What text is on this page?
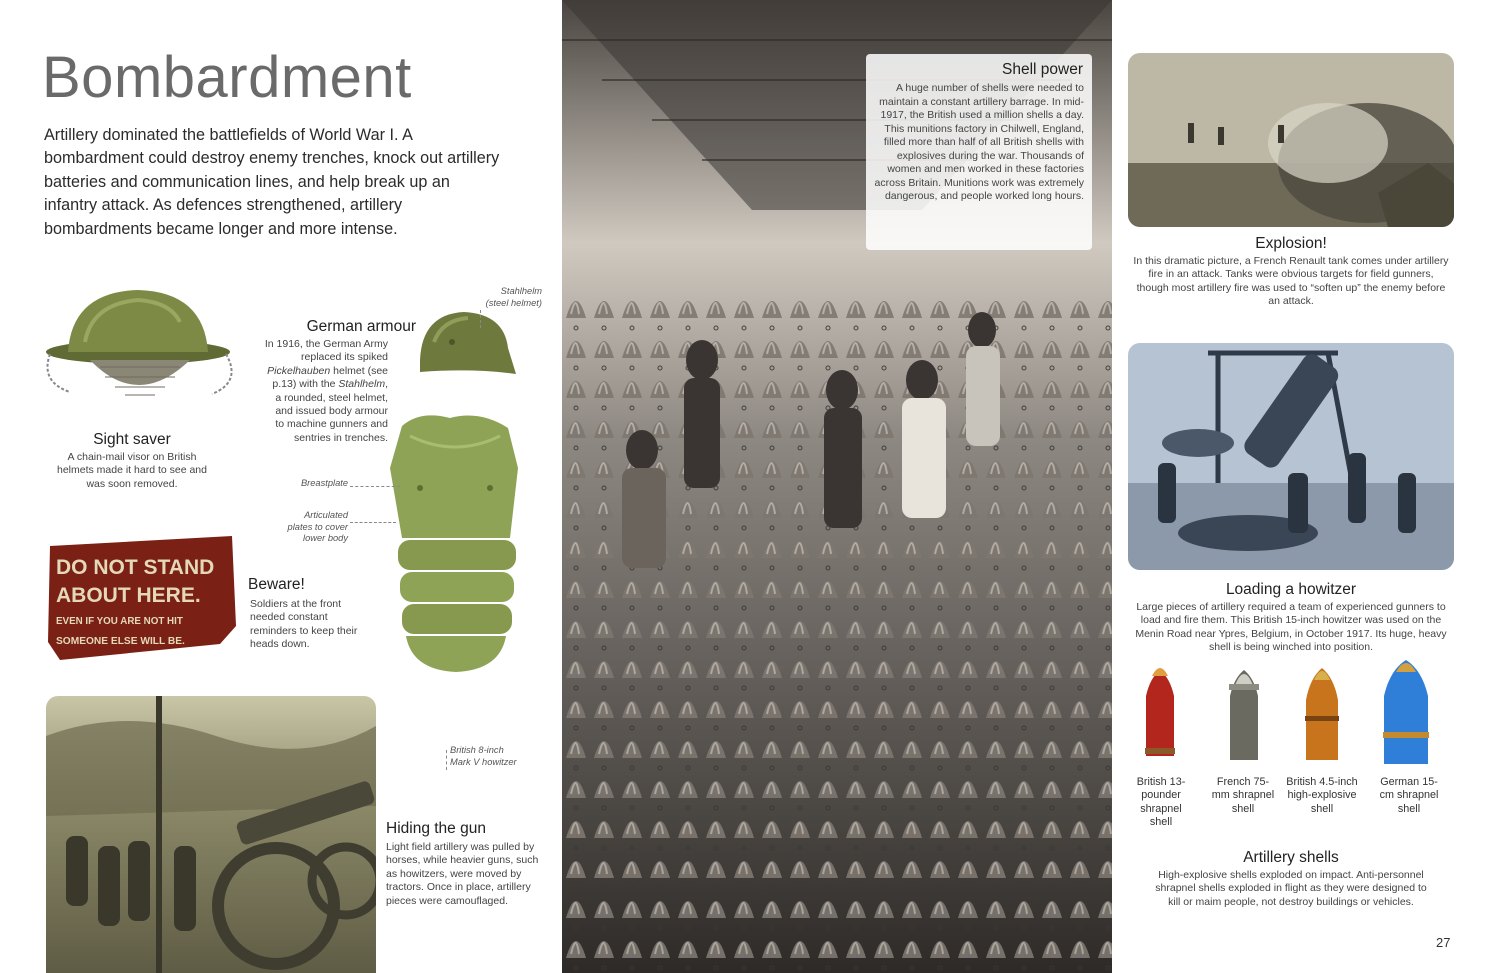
Bombardment
Artillery dominated the battlefields of World War I. A bombardment could destroy enemy trenches, knock out artillery batteries and communication lines, and help break up an infantry attack. As defences strengthened, artillery bombardments became longer and more intense.
Sight saver
A chain-mail visor on British helmets made it hard to see and was soon removed.
German armour
In 1916, the German Army replaced its spiked Pickelhauben helmet (see p.13) with the Stahlhelm, a rounded, steel helmet, and issued body armour to machine gunners and sentries in trenches.
Stahlhelm
(steel helmet)
Breastplate
Articulated plates to cover lower body
DO NOT STAND
ABOUT HERE.
EVEN IF YOU ARE NOT HIT
SOMEONE ELSE WILL BE.
Beware!
Soldiers at the front needed constant reminders to keep their heads down.
British 8-inch
Mark V howitzer
Hiding the gun
Light field artillery was pulled by horses, while heavier guns, such as howitzers, were moved by tractors. Once in place, artillery pieces were camouflaged.
Shell power
A huge number of shells were needed to maintain a constant artillery barrage. In mid-1917, the British used a million shells a day. This munitions factory in Chilwell, England, filled more than half of all British shells with explosives during the war. Thousands of women and men worked in these factories across Britain. Munitions work was extremely dangerous, and people worked long hours.
Explosion!
In this dramatic picture, a French Renault tank comes under artillery fire in an attack. Tanks were obvious targets for field gunners, though most artillery fire was used to “soften up” the enemy before an attack.
Loading a howitzer
Large pieces of artillery required a team of experienced gunners to load and fire them. This British 15-inch howitzer was used on the Menin Road near Ypres, Belgium, in October 1917. Its huge, heavy shell is being winched into position.
British 13-pounder shrapnel shell
French 75-mm shrapnel shell
British 4.5-inch high-explosive shell
German 15-cm shrapnel shell
Artillery shells
High-explosive shells exploded on impact. Anti-personnel shrapnel shells exploded in flight as they were designed to kill or maim people, not destroy buildings or vehicles.
27
